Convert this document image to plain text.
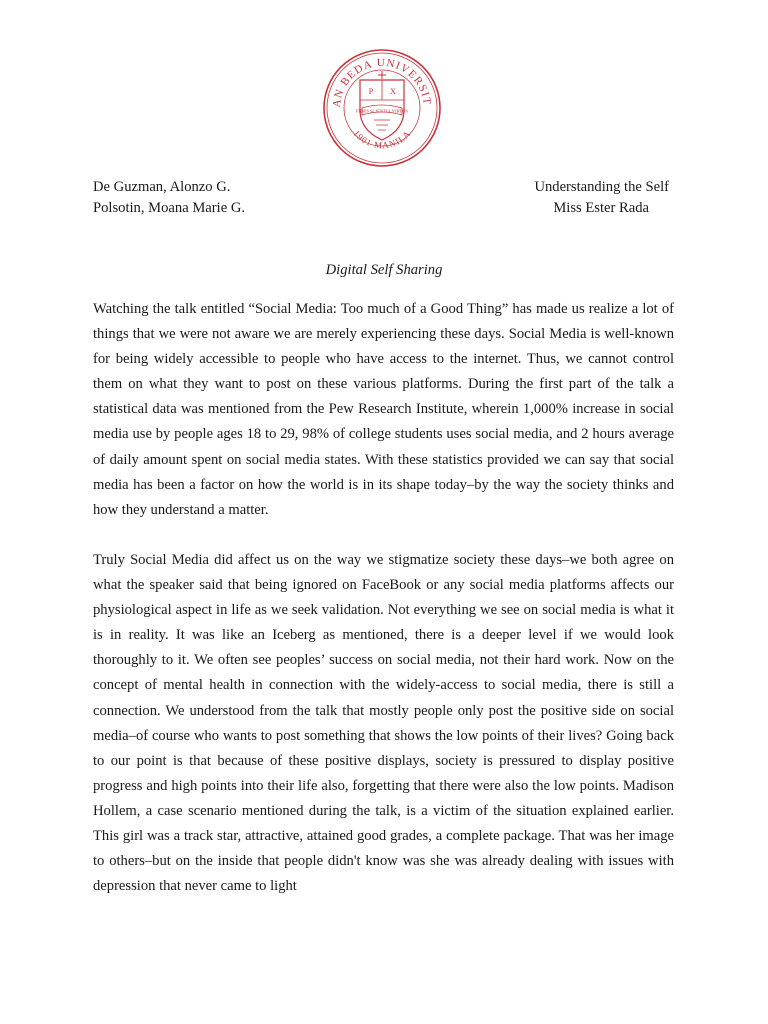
AN BEDA UNIVERSIT
1901 MANILA
P X
FIDES SCIENTIA VIRTUS
De Guzman, Alonzo G.
Polsotin, Moana Marie G.
Understanding the Self
Miss Ester Rada
Digital Self Sharing

Watching the talk entitled “Social Media: Too much of a Good Thing” has made us realize a lot of things that we were not aware we are merely experiencing these days. Social Media is well-known for being widely accessible to people who have access to the internet. Thus, we cannot control them on what they want to post on these various platforms. During the first part of the talk a statistical data was mentioned from the Pew Research Institute, wherein 1,000% increase in social media use by people ages 18 to 29, 98% of college students uses social media, and 2 hours average of daily amount spent on social media states. With these statistics provided we can say that social media has been a factor on how the world is in its shape today–by the way the society thinks and how they understand a matter.

Truly Social Media did affect us on the way we stigmatize society these days–we both agree on what the speaker said that being ignored on FaceBook or any social media platforms affects our physiological aspect in life as we seek validation. Not everything we see on social media is what it is in reality. It was like an Iceberg as mentioned, there is a deeper level if we would look thoroughly to it. We often see peoples’ success on social media, not their hard work. Now on the concept of mental health in connection with the widely-access to social media, there is still a connection. We understood from the talk that mostly people only post the positive side on social media–of course who wants to post something that shows the low points of their lives? Going back to our point is that because of these positive displays, society is pressured to display positive progress and high points into their life also, forgetting that there were also the low points. Madison Hollem, a case scenario mentioned during the talk, is a victim of the situation explained earlier. This girl was a track star, attractive, attained good grades, a complete package. That was her image to others–but on the inside that people didn't know was she was already dealing with issues with depression that never came to light
